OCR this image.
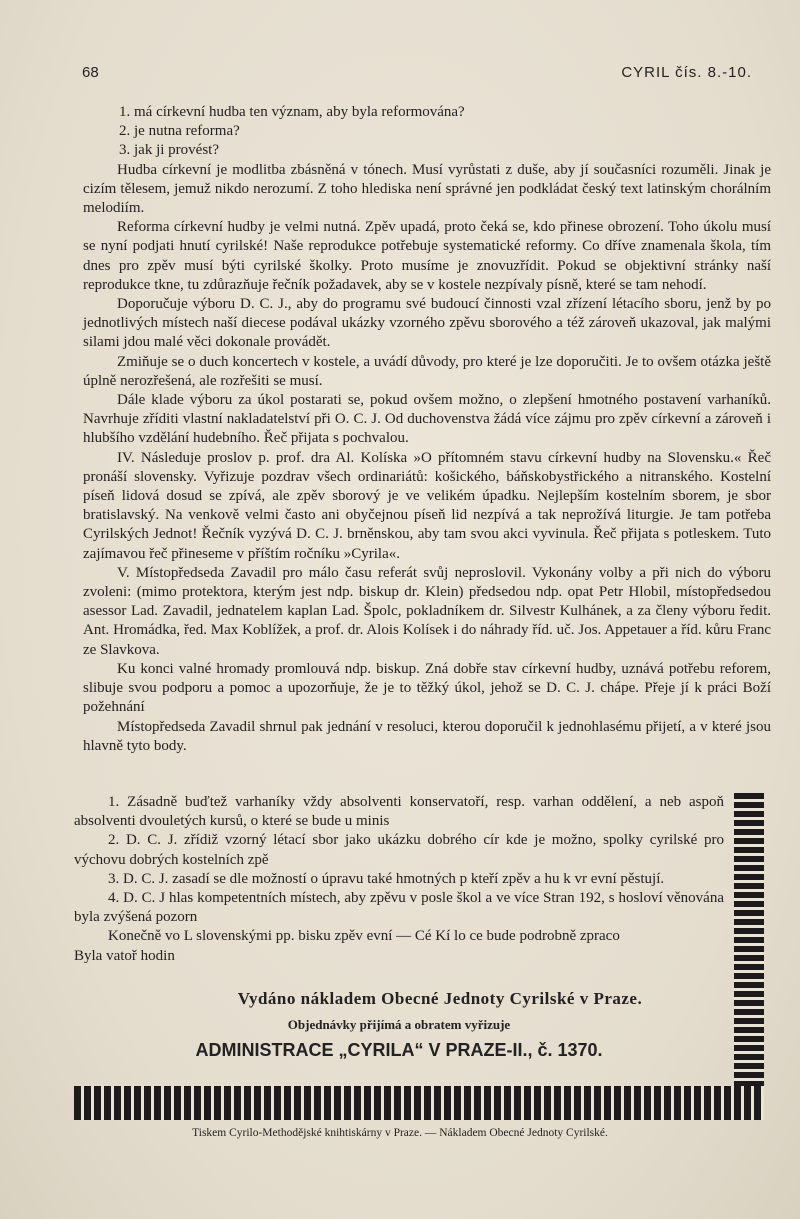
68	CYRIL čís. 8.-10.

1. má církevní hudba ten význam, aby byla reformována?

2. je nutna reforma?

3. jak ji provést?

Hudba církevní je modlitba zbásněná v tónech. Musí vyrůstati z duše, aby jí současníci rozuměli. Jinak je cizím tělesem, jemuž nikdo nerozumí. Z toho hlediska není správné jen podkládat český text latinským chorálním melodiím.

Reforma církevní hudby je velmi nutná. Zpěv upadá, proto čeká se, kdo přinese obrození. Toho úkolu musí se nyní podjati hnutí cyrilské! Naše reprodukce potřebuje systematické reformy. Co dříve znamenala škola, tím dnes pro zpěv musí býti cyrilské školky. Proto musíme je znovuzřídit. Pokud se objektivní stránky naší reprodukce tkne, tu zdůrazňuje řečník požadavek, aby se v kostele nezpívaly písně, které se tam nehodí.

Doporučuje výboru D. C. J., aby do programu své budoucí činnosti vzal zřízení létacího sboru, jenž by po jednotlivých místech naší diecese podával ukázky vzorného zpěvu sborového a též zároveň ukazoval, jak malými silami jdou malé věci dokonale provádět.

Zmiňuje se o duch koncertech v kostele, a uvádí důvody, pro které je lze doporučiti. Je to ovšem otázka ještě úplně nerozřešená, ale rozřešiti se musí.

Dále klade výboru za úkol postarati se, pokud ovšem možno, o zlepšení hmotného postavení varhaníků. Navrhuje zříditi vlastní nakladatelství při O. C. J. Od duchovenstva žádá více zájmu pro zpěv církevní a zároveň i hlubšího vzdělání hudebního. Řeč přijata s pochvalou.

IV. Následuje proslov p. prof. dra Al. Kolíska »O přítomném stavu církevní hudby na Slovensku.« Řeč pronáší slovensky. Vyřizuje pozdrav všech ordinariátů: košického, báňskobystřického a nitranského. Kostelní píseň lidová dosud se zpívá, ale zpěv sborový je ve velikém úpadku. Nejlepším kostelním sborem, je sbor bratislavský. Na venkově velmi často ani obyčejnou píseň lid nezpívá a tak neprožívá liturgie. Je tam potřeba Cyrilských Jednot! Řečník vyzývá D. C. J. brněnskou, aby tam svou akci vyvinula. Řeč přijata s potleskem. Tuto zajímavou řeč přineseme v příštím ročníku »Cyrila«.

V. Místopředseda Zavadil pro málo času referát svůj neproslovil. Vykonány volby a při nich do výboru zvoleni: (mimo protektora, kterým jest ndp. biskup dr. Klein) předsedou ndp. opat Petr Hlobil, místopředsedou asessor Lad. Zavadil, jednatelem kaplan Lad. Špolc, pokladníkem dr. Silvestr Kulhánek, a za členy výboru ředit. Ant. Hromádka, řed. Max Koblížek, a prof. dr. Alois Kolísek i do náhrady říd. uč. Jos. Appetauer a říd. kůru Franc ze Slavkova.

Ku konci valné hromady promlouvá ndp. biskup. Zná dobře stav církevní hudby, uznává potřebu reforem, slibuje svou podporu a pomoc a upozorňuje, že je to těžký úkol, jehož se D. C. J. chápe. Přeje jí k práci Boží požehnání

Místopředseda Zavadil shrnul pak jednání v resoluci, kterou doporučil k jednohlasému přijetí, a v které jsou hlavně tyto body.

1. Zásadně buďtež varhaníky vždy absolventi konservatoří, resp. varhan oddělení, a neb aspoň absolventi dvouletých kursů, o které se bude u minis

2. D. C. J. zřídiž vzorný létací sbor jako ukázku dobrého cír kde je možno, spolky cyrilské pro výchovu dobrých kostelních zpě

3. D. C. J. zasadí se dle možností o úpravu také hmotných p kteří zpěv a hu k vr evní pěstují.

4. D. C. J hlas kompetentních místech, aby zpěvu v posle škol a ve více Stran 192, s hosloví věnována byla zvýšená pozorn

Konečně vo L slovenskými pp. bisku zpěv evní — Cé Kí lo ce bude podrobně zpraco

Byla vatoř hodin

Vydáno nákladem Obecné Jednoty Cyrilské v Praze.
Objednávky přijímá a obratem vyřizuje
ADMINISTRACE „CYRILA“ V PRAZE-II., č. 1370.
Tiskem Cyrilo-Methodějské knihtiskárny v Praze. — Nákladem Obecné Jednoty Cyrilské.
